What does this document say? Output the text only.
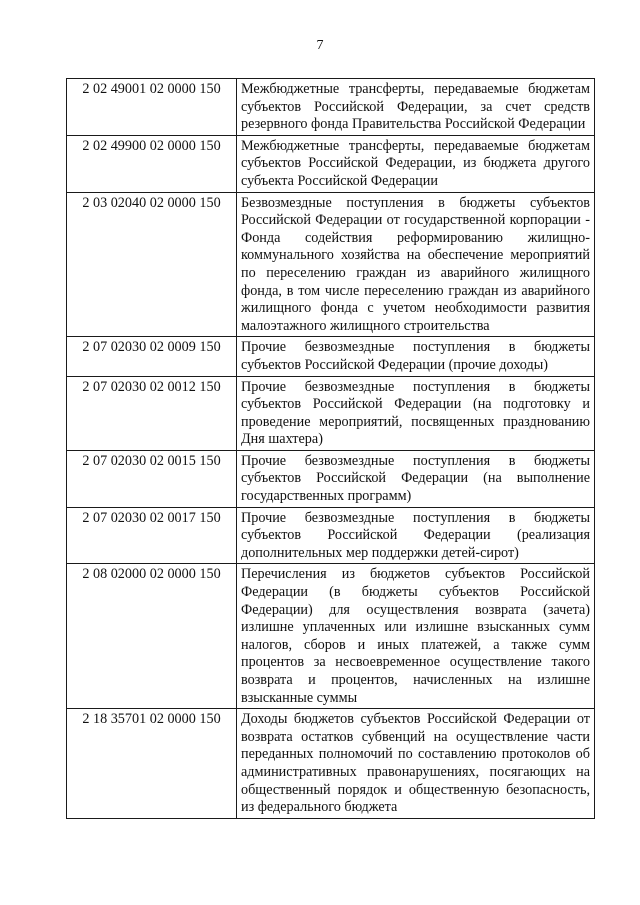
7
2 02 49001 02 0000 150	Межбюджетные трансферты, передаваемые бюджетам субъектов Российской Федерации, за счет средств резервного фонда Правительства Российской Федерации
2 02 49900 02 0000 150	Межбюджетные трансферты, передаваемые бюджетам субъектов Российской Федерации, из бюджета другого субъекта Российской Федерации
2 03 02040 02 0000 150	Безвозмездные поступления в бюджеты субъектов Российской Федерации от государственной корпорации - Фонда содействия реформированию жилищно-коммунального хозяйства на обеспечение мероприятий по переселению граждан из аварийного жилищного фонда, в том числе переселению граждан из аварийного жилищного фонда с учетом необходимости развития малоэтажного жилищного строительства
2 07 02030 02 0009 150	Прочие безвозмездные поступления в бюджеты субъектов Российской Федерации (прочие доходы)
2 07 02030 02 0012 150	Прочие безвозмездные поступления в бюджеты субъектов Российской Федерации (на подготовку и проведение мероприятий, посвященных празднованию Дня шахтера)
2 07 02030 02 0015 150	Прочие безвозмездные поступления в бюджеты субъектов Российской Федерации (на выполнение государственных программ)
2 07 02030 02 0017 150	Прочие безвозмездные поступления в бюджеты субъектов Российской Федерации (реализация дополнительных мер поддержки детей-сирот)
2 08 02000 02 0000 150	Перечисления из бюджетов субъектов Российской Федерации (в бюджеты субъектов Российской Федерации) для осуществления возврата (зачета) излишне уплаченных или излишне взысканных сумм налогов, сборов и иных платежей, а также сумм процентов за несвоевременное осуществление такого возврата и процентов, начисленных на излишне взысканные суммы
2 18 35701 02 0000 150	Доходы бюджетов субъектов Российской Федерации от возврата остатков субвенций на осуществление части переданных полномочий по составлению протоколов об административных правонарушениях, посягающих на общественный порядок и общественную безопасность, из федерального бюджета
